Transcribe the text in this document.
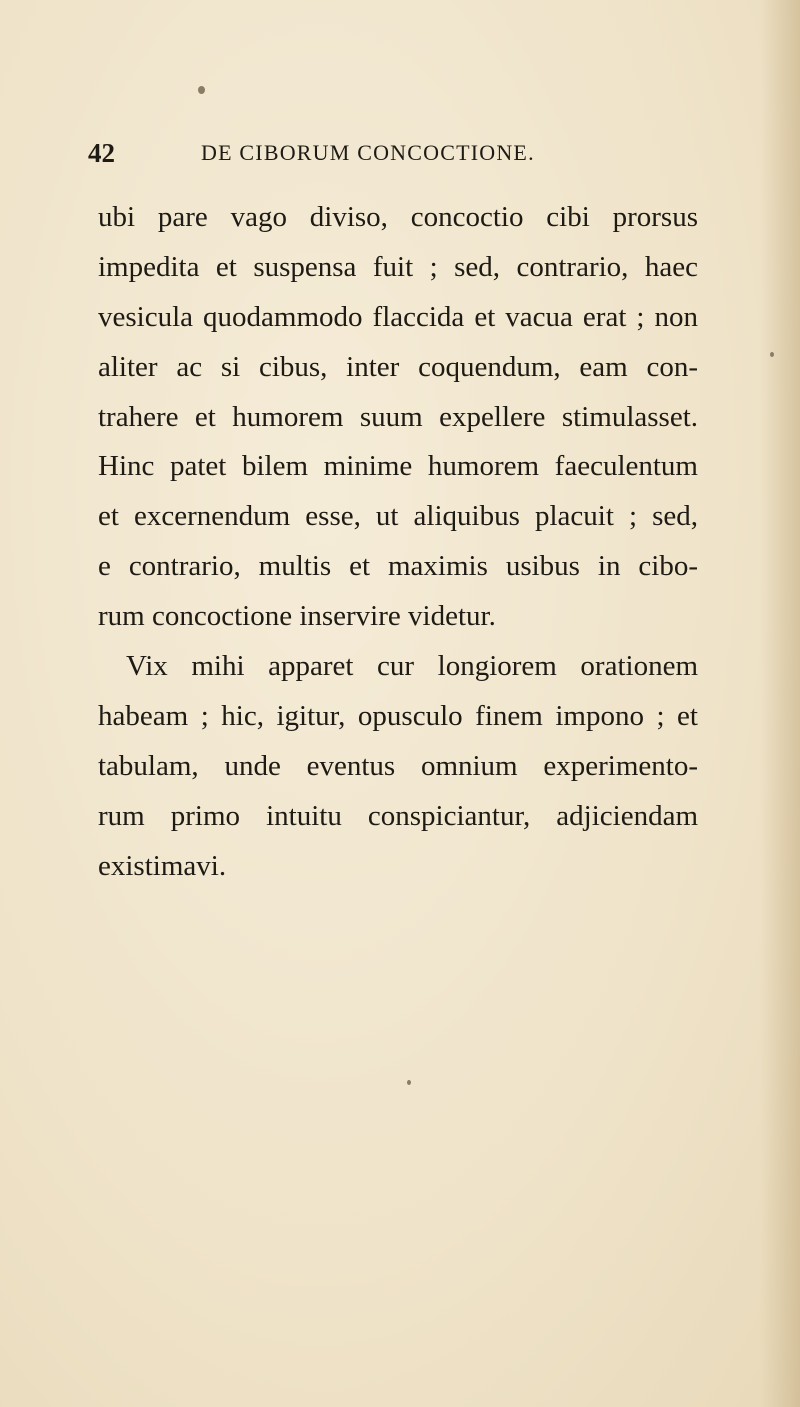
42	DE CIBORUM CONCOCTIONE.
ubi pare vago diviso, concoctio cibi prorsus
impedita et suspensa fuit ; sed, contrario, haec
vesicula quodammodo flaccida et vacua erat ; non
aliter ac si cibus, inter coquendum, eam con-
trahere et humorem suum expellere stimulasset.
Hinc patet bilem minime humorem faeculentum
et excernendum esse, ut aliquibus placuit ; sed,
e contrario, multis et maximis usibus in cibo-
rum concoctione inservire videtur.
Vix mihi apparet cur longiorem orationem
habeam ; hic, igitur, opusculo finem impono ; et
tabulam, unde eventus omnium experimento-
rum primo intuitu conspiciantur, adjiciendam
existimavi.
